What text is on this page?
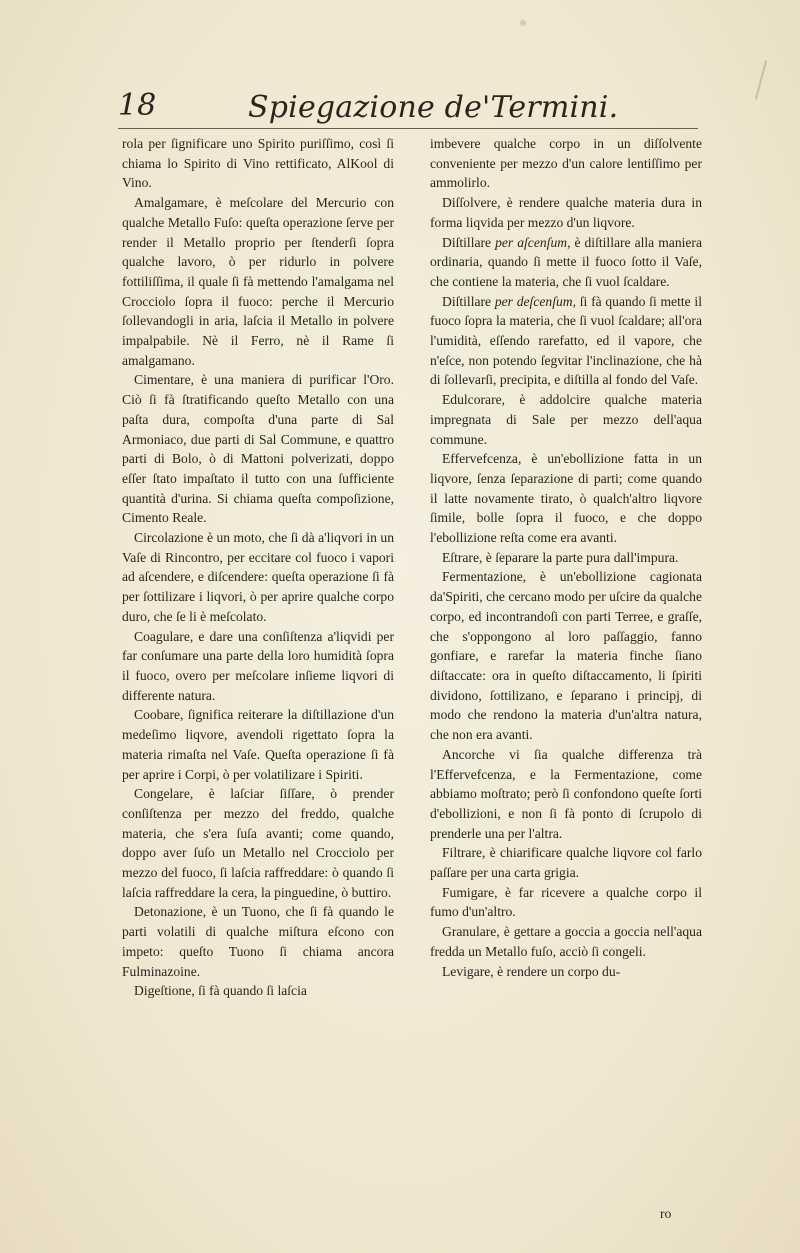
18	Spiegazione de'Termini.

rola per ſignificare uno Spirito puriſſimo, così ſi chiama lo Spirito di Vino rettificato, AlKool di Vino.

Amalgamare, è meſcolare del Mercurio con qualche Metallo Fuſo: queſta operazione ſerve per render il Metallo proprio per ſtenderſi ſopra qualche lavoro, ò per ridurlo in polvere fottiliſſima, il quale ſi fà mettendo l'amalgama nel Crocciolo ſopra il fuoco: perche il Mercurio ſollevandogli in aria, laſcia il Metallo in polvere impalpabile. Nè il Ferro, nè il Rame ſi amalgamano.

Cimentare, è una maniera di purificar l'Oro. Ciò ſi fà ſtratificando queſto Metallo con una paſta dura, compoſta d'una parte di Sal Armoniaco, due parti di Sal Commune, e quattro parti di Bolo, ò di Mattoni polverizati, doppo eſſer ſtato impaſtato il tutto con una ſufficiente quantità d'urina. Si chiama queſta compoſizione, Cimento Reale.

Circolazione è un moto, che ſi dà a'liqvori in un Vaſe di Rincontro, per eccitare col fuoco i vapori ad aſcendere, e diſcendere: queſta operazione ſi fà per ſottilizare i liqvori, ò per aprire qualche corpo duro, che ſe li è meſcolato.

Coagulare, e dare una conſiſtenza a'liqvidi per far conſumare una parte della loro humidità ſopra il fuoco, overo per meſcolare inſieme liqvori di differente natura.

Coobare, ſignifica reiterare la diſtillazione d'un medeſimo liqvore, avendoli rigettato ſopra la materia rimaſta nel Vaſe. Queſta operazione ſi fà per aprire i Corpi, ò per volatilizare i Spiriti.

Congelare, è laſciar ſiſſare, ò prender conſiſtenza per mezzo del freddo, qualche materia, che s'era ſuſa avanti; come quando, doppo aver ſuſo un Metallo nel Crocciolo per mezzo del fuoco, ſi laſcia raffreddare: ò quando ſi laſcia raffreddare la cera, la pinguedine, ò buttiro.

Detonazione, è un Tuono, che ſi fà quando le parti volatili di qualche miſtura eſcono con impeto: queſto Tuono ſi chiama ancora Fulminazoine.

Digeſtione, ſi fà quando ſi laſcia

imbevere qualche corpo in un diſſolvente conveniente per mezzo d'un calore lentiſſimo per ammolirlo.

Diſſolvere, è rendere qualche materia dura in forma liqvida per mezzo d'un liqvore.

Diſtillare per aſcenſum, è diſtillare alla maniera ordinaria, quando ſi mette il fuoco ſotto il Vaſe, che contiene la materia, che ſi vuol ſcaldare.

Diſtillare per deſcenſum, ſi fà quando ſi mette il fuoco ſopra la materia, che ſi vuol ſcaldare; all'ora l'umidità, eſſendo rarefatto, ed il vapore, che n'eſce, non potendo ſegvitar l'inclinazione, che hà di ſollevarſi, precipita, e diſtilla al fondo del Vaſe.

Edulcorare, è addolcire qualche materia impregnata di Sale per mezzo dell'aqua commune.

Effervefcenza, è un'ebollizione fatta in un liqvore, ſenza ſeparazione di parti; come quando il latte novamente tirato, ò qualch'altro liqvore ſimile, bolle ſopra il fuoco, e che doppo l'ebollizione reſta come era avanti.

Eſtrare, è ſeparare la parte pura dall'impura.

Fermentazione, è un'ebollizione cagionata da'Spiriti, che cercano modo per uſcire da qualche corpo, ed incontrandoſi con parti Terree, e graſſe, che s'oppongono al loro paſſaggio, fanno gonfiare, e rarefar la materia finche ſiano diſtaccate: ora in queſto diſtaccamento, li ſpiriti dividono, ſottilizano, e ſeparano i principj, di modo che rendono la materia d'un'altra natura, che non era avanti.

Ancorche vi ſia qualche differenza trà l'Effervefcenza, e la Fermentazione, come abbiamo moſtrato; però ſi confondono queſte ſorti d'ebollizioni, e non ſi fà ponto di ſcrupolo di prenderle una per l'altra.

Filtrare, è chiarificare qualche liqvore col farlo paſſare per una carta grigia.

Fumigare, è far ricevere a qualche corpo il fumo d'un'altro.

Granulare, è gettare a goccia a goccia nell'aqua fredda un Metallo fuſo, acciò ſi congeli.

Levigare, è rendere un corpo du-

ro
